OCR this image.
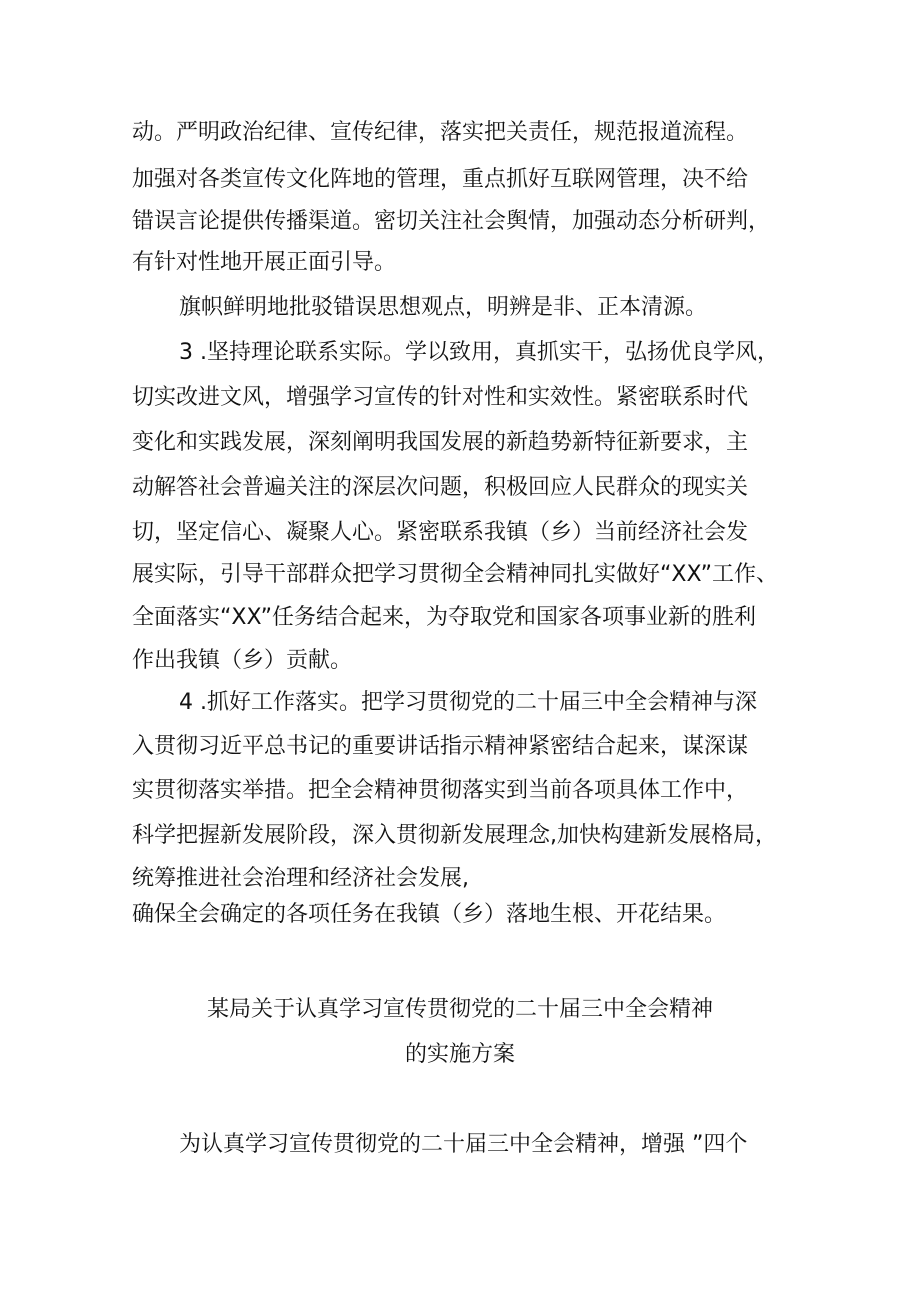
动。严明政治纪律、宣传纪律，落实把关责任，规范报道流程。

加强对各类宣传文化阵地的管理，重点抓好互联网管理，决不给

错误言论提供传播渠道。密切关注社会舆情，加强动态分析研判，

有针对性地开展正面引导。

旗帜鲜明地批驳错误思想观点，明辨是非、正本清源。

3 .坚持理论联系实际。学以致用，真抓实干，弘扬优良学风，

切实改进文风，增强学习宣传的针对性和实效性。紧密联系时代

变化和实践发展，深刻阐明我国发展的新趋势新特征新要求，主

动解答社会普遍关注的深层次问题，积极回应人民群众的现实关

切，坚定信心、凝聚人心。紧密联系我镇（乡）当前经济社会发

展实际，引导干部群众把学习贯彻全会精神同扎实做好“XX”工作、

全面落实“XX”任务结合起来，为夺取党和国家各项事业新的胜利

作出我镇（乡）贡献。

4 .抓好工作落实。把学习贯彻党的二十届三中全会精神与深

入贯彻习近平总书记的重要讲话指示精神紧密结合起来，谋深谋

实贯彻落实举措。把全会精神贯彻落实到当前各项具体工作中，

科学把握新发展阶段，深入贯彻新发展理念,加快构建新发展格局，

统筹推进社会治理和经济社会发展,

确保全会确定的各项任务在我镇（乡）落地生根、开花结果。

某局关于认真学习宣传贯彻党的二十届三中全会精神

的实施方案

为认真学习宣传贯彻党的二十届三中全会精神，增强 ”四个
